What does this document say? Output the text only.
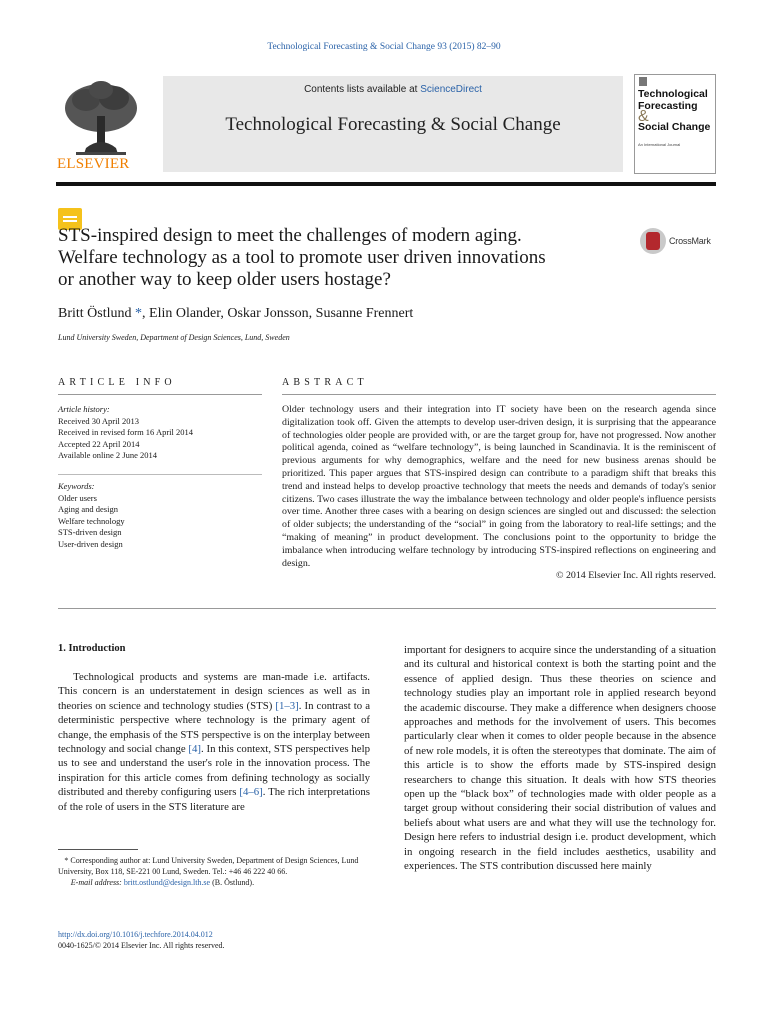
Technological Forecasting & Social Change 93 (2015) 82–90
ELSEVIER
Contents lists available at ScienceDirect
Technological Forecasting & Social Change
Technological
Forecasting
&
Social Change
An International Journal
STS-inspired design to meet the challenges of modern aging.
Welfare technology as a tool to promote user driven innovations
or another way to keep older users hostage?
CrossMark
Britt Östlund *, Elin Olander, Oskar Jonsson, Susanne Frennert
Lund University Sweden, Department of Design Sciences, Lund, Sweden
ARTICLE INFO
Article history:
Received 30 April 2013
Received in revised form 16 April 2014
Accepted 22 April 2014
Available online 2 June 2014
Keywords:
Older users
Aging and design
Welfare technology
STS-driven design
User-driven design
ABSTRACT
Older technology users and their integration into IT society have been on the research agenda since digitalization took off. Given the attempts to develop user-driven design, it is surprising that the appearance of technologies older people are provided with, or are the target group for, have not progressed. Now another political agenda, coined as “welfare technology”, is being launched in Scandinavia. It is the reminiscent of previous arguments for why demographics, welfare and the need for new business arenas should be prioritized. This paper argues that STS-inspired design can contribute to a paradigm shift that breaks this trend and instead helps to develop proactive technology that meets the needs and demands of today's senior citizens. Two cases illustrate the way the imbalance between technology and older people's influence persists over time. Another three cases with a bearing on design sciences are singled out and discussed: the selection of older subjects; the understanding of the “social” in going from the laboratory to real-life settings; and the “making of meaning” in product development. The conclusions point to the opportunity to bridge the imbalance when introducing welfare technology by introducing STS-inspired reflections on engineering and design.
© 2014 Elsevier Inc. All rights reserved.
1. Introduction

Technological products and systems are man-made i.e. artifacts. This concern is an understatement in design sciences as well as in theories on science and technology studies (STS) [1–3]. In contrast to a deterministic perspective where technology is the primary agent of change, the emphasis of the STS perspective is on the interplay between technology and social change [4]. In this context, STS perspectives help us to see and understand the user's role in the innovation process. The inspiration for this article comes from defining technology as socially distributed and thereby configuring users [4–6]. The rich interpretations of the role of users in the STS literature are

important for designers to acquire since the understanding of a situation and its cultural and historical context is both the starting point and the essence of applied design. Thus these theories on science and technology studies play an important role in applied research beyond the academic discourse. They make a difference when designers choose approaches and methods for the involvement of users. This becomes particularly clear when it comes to older people because in the absence of new role models, it is often the stereotypes that dominate. The aim of this article is to show the efforts made by STS-inspired design researchers to change this situation. It deals with how STS theories open up the “black box” of technologies made with older people as a target group without considering their social distribution of values and beliefs about what users are and what they will use the technology for. Design here refers to industrial design i.e. product development, which in ongoing research in the field includes aesthetics, usability and experiences. The STS contribution discussed here mainly

* Corresponding author at: Lund University Sweden, Department of Design Sciences, Lund University, Box 118, SE-221 00 Lund, Sweden. Tel.: +46 46 222 40 66.

E-mail address: britt.ostlund@design.lth.se (B. Östlund).

http://dx.doi.org/10.1016/j.techfore.2014.04.012
0040-1625/© 2014 Elsevier Inc. All rights reserved.
